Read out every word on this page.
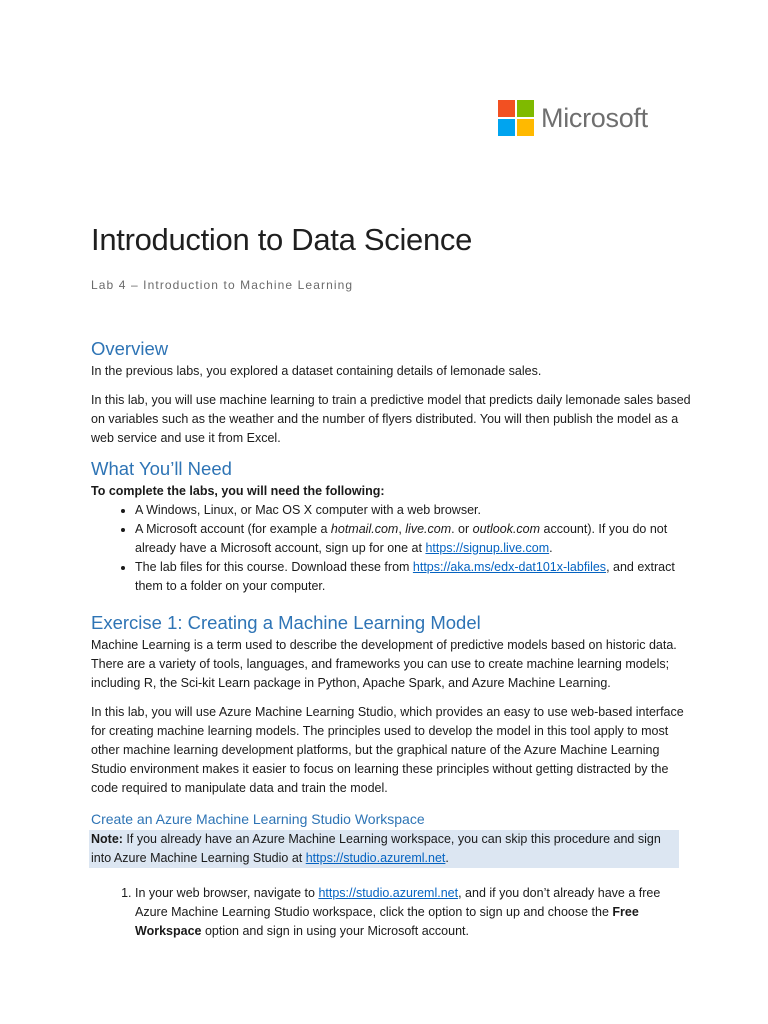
Microsoft
Introduction to Data Science
Lab 4 – Introduction to Machine Learning
Overview

In the previous labs, you explored a dataset containing details of lemonade sales.

In this lab, you will use machine learning to train a predictive model that predicts daily lemonade sales based on variables such as the weather and the number of flyers distributed. You will then publish the model as a web service and use it from Excel.

What You’ll Need

To complete the labs, you will need the following:

• A Windows, Linux, or Mac OS X computer with a web browser.
• A Microsoft account (for example a hotmail.com, live.com. or outlook.com account). If you do not already have a Microsoft account, sign up for one at https://signup.live.com.
• The lab files for this course. Download these from https://aka.ms/edx-dat101x-labfiles, and extract them to a folder on your computer.
Exercise 1: Creating a Machine Learning Model

Machine Learning is a term used to describe the development of predictive models based on historic data. There are a variety of tools, languages, and frameworks you can use to create machine learning models; including R, the Sci-kit Learn package in Python, Apache Spark, and Azure Machine Learning.

In this lab, you will use Azure Machine Learning Studio, which provides an easy to use web-based interface for creating machine learning models. The principles used to develop the model in this tool apply to most other machine learning development platforms, but the graphical nature of the Azure Machine Learning Studio environment makes it easier to focus on learning these principles without getting distracted by the code required to manipulate data and train the model.

Create an Azure Machine Learning Studio Workspace
Note: If you already have an Azure Machine Learning workspace, you can skip this procedure and sign into Azure Machine Learning Studio at https://studio.azureml.net.
1. In your web browser, navigate to https://studio.azureml.net, and if you don’t already have a free Azure Machine Learning Studio workspace, click the option to sign up and choose the Free Workspace option and sign in using your Microsoft account.
